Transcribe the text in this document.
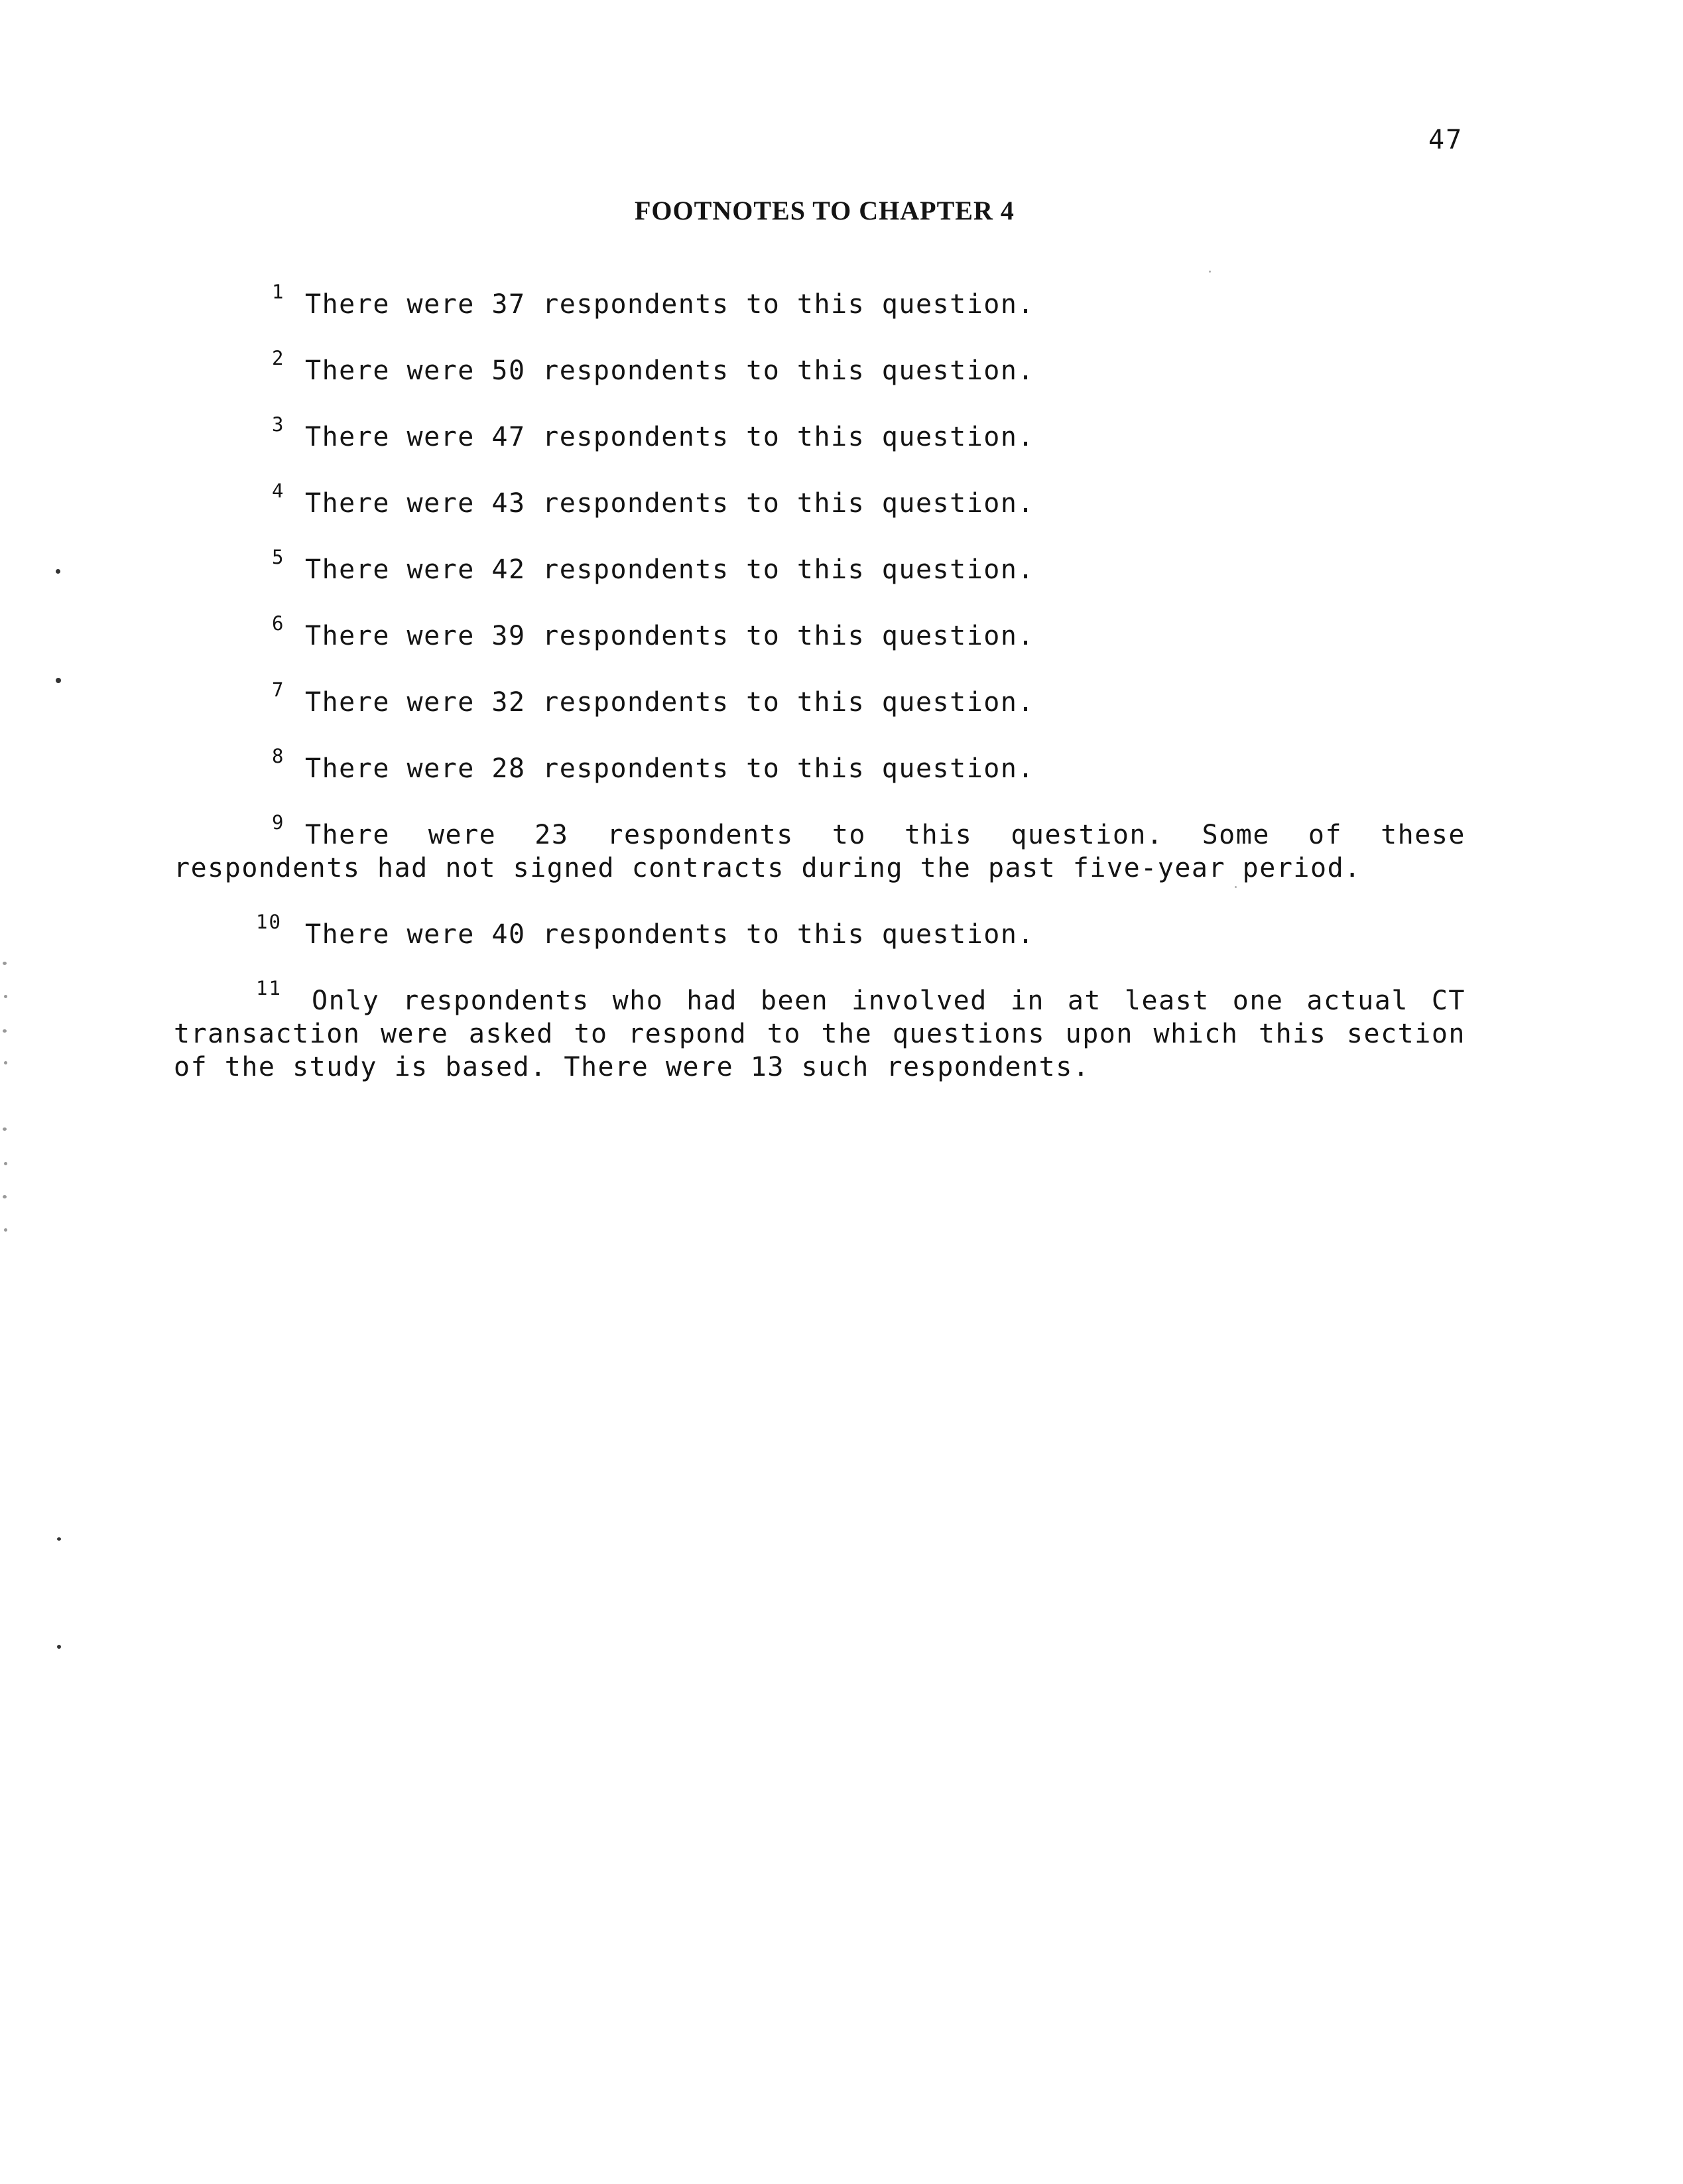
47
FOOTNOTES TO CHAPTER 4
1 There were 37 respondents to this question.
2 There were 50 respondents to this question.
3 There were 47 respondents to this question.
4 There were 43 respondents to this question.
5 There were 42 respondents to this question.
6 There were 39 respondents to this question.
7 There were 32 respondents to this question.
8 There were 28 respondents to this question.
9 There were 23 respondents to this question. Some of these respondents had not signed contracts during the past five-year period.
10 There were 40 respondents to this question.
11	Only respondents who had been involved in at least one actual CT transaction were asked to respond to the questions upon which this section of the study is based. There were 13 such respondents.
